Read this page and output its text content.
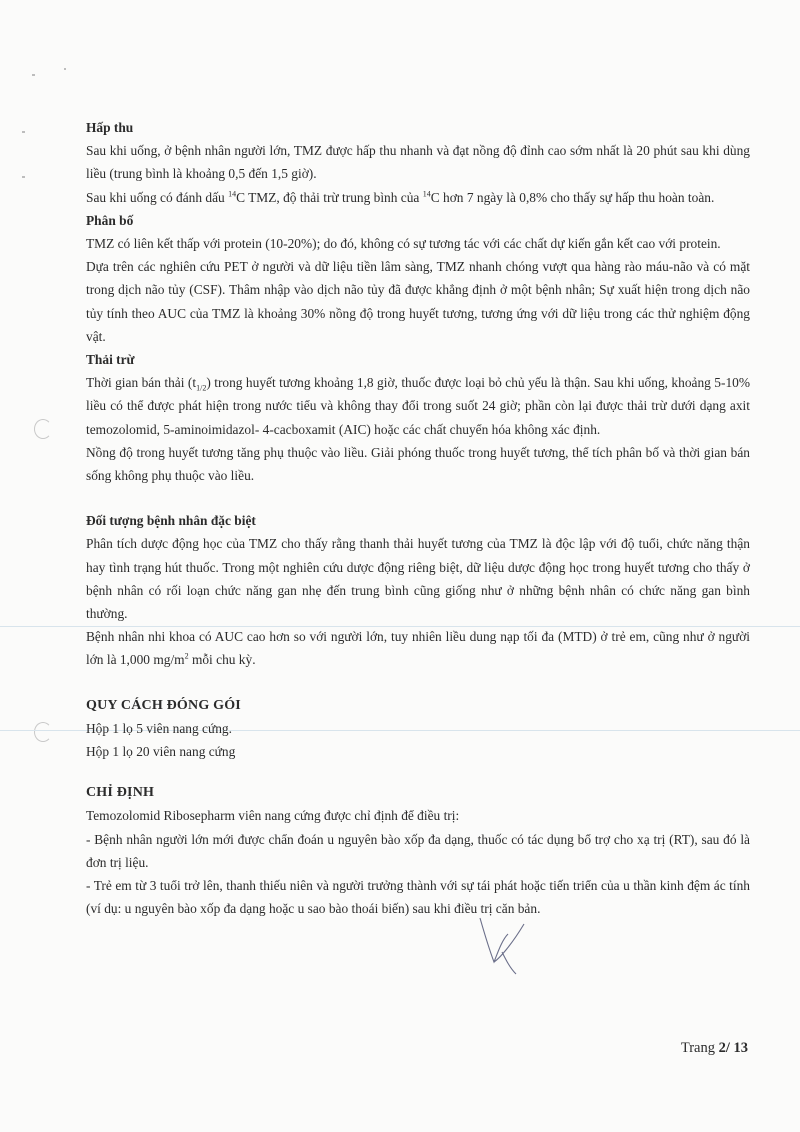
Hấp thu

Sau khi uống, ở bệnh nhân người lớn, TMZ được hấp thu nhanh và đạt nồng độ đỉnh cao sớm nhất là 20 phút sau khi dùng liều (trung bình là khoảng 0,5 đến 1,5 giờ).

Sau khi uống có đánh dấu $^{14}$C TMZ, độ thải trừ trung bình của $^{14}$C hơn 7 ngày là 0,8% cho thấy sự hấp thu hoàn toàn.

Phân bố

TMZ có liên kết thấp với protein (10-20%); do đó, không có sự tương tác với các chất dự kiến gắn kết cao với protein.

Dựa trên các nghiên cứu PET ở người và dữ liệu tiền lâm sàng, TMZ nhanh chóng vượt qua hàng rào máu-não và có mặt trong dịch não tủy (CSF). Thâm nhập vào dịch não tủy đã được khẳng định ở một bệnh nhân; Sự xuất hiện trong dịch não tủy tính theo AUC của TMZ là khoảng 30% nồng độ trong huyết tương, tương ứng với dữ liệu trong các thử nghiệm động vật.

Thải trừ

Thời gian bán thải $(t_{1/2})$ trong huyết tương khoảng 1,8 giờ, thuốc được loại bỏ chủ yếu là thận. Sau khi uống, khoảng 5-10% liều có thể được phát hiện trong nước tiểu và không thay đổi trong suốt 24 giờ; phần còn lại được thải trừ dưới dạng axit temozolomid, 5-aminoimidazol- 4-cacboxamit (AIC) hoặc các chất chuyển hóa không xác định.

Nồng độ trong huyết tương tăng phụ thuộc vào liều. Giải phóng thuốc trong huyết tương, thể tích phân bố và thời gian bán sống không phụ thuộc vào liều.

Đối tượng bệnh nhân đặc biệt

Phân tích dược động học của TMZ cho thấy rằng thanh thải huyết tương của TMZ là độc lập với độ tuổi, chức năng thận hay tình trạng hút thuốc. Trong một nghiên cứu dược động riêng biệt, dữ liệu dược động học trong huyết tương cho thấy ở bệnh nhân có rối loạn chức năng gan nhẹ đến trung bình cũng giống như ở những bệnh nhân có chức năng gan bình thường.

Bệnh nhân nhi khoa có AUC cao hơn so với người lớn, tuy nhiên liều dung nạp tối đa (MTD) ở trẻ em, cũng như ở người lớn là 1,000 $mg/m^2$ mỗi chu kỳ.

QUY CÁCH ĐÓNG GÓI

Hộp 1 lọ 5 viên nang cứng.

Hộp 1 lọ 20 viên nang cứng

CHỈ ĐỊNH

Temozolomid Ribosepharm viên nang cứng được chỉ định để điều trị:

- Bệnh nhân người lớn mới được chẩn đoán u nguyên bào xốp đa dạng, thuốc có tác dụng bổ trợ cho xạ trị (RT), sau đó là đơn trị liệu.

- Trẻ em từ 3 tuổi trở lên, thanh thiếu niên và người trưởng thành với sự tái phát hoặc tiến triển của u thần kinh đệm ác tính (ví dụ: u nguyên bào xốp đa dạng hoặc u sao bào thoái biến) sau khi điều trị căn bản.

Trang 2/ 13
